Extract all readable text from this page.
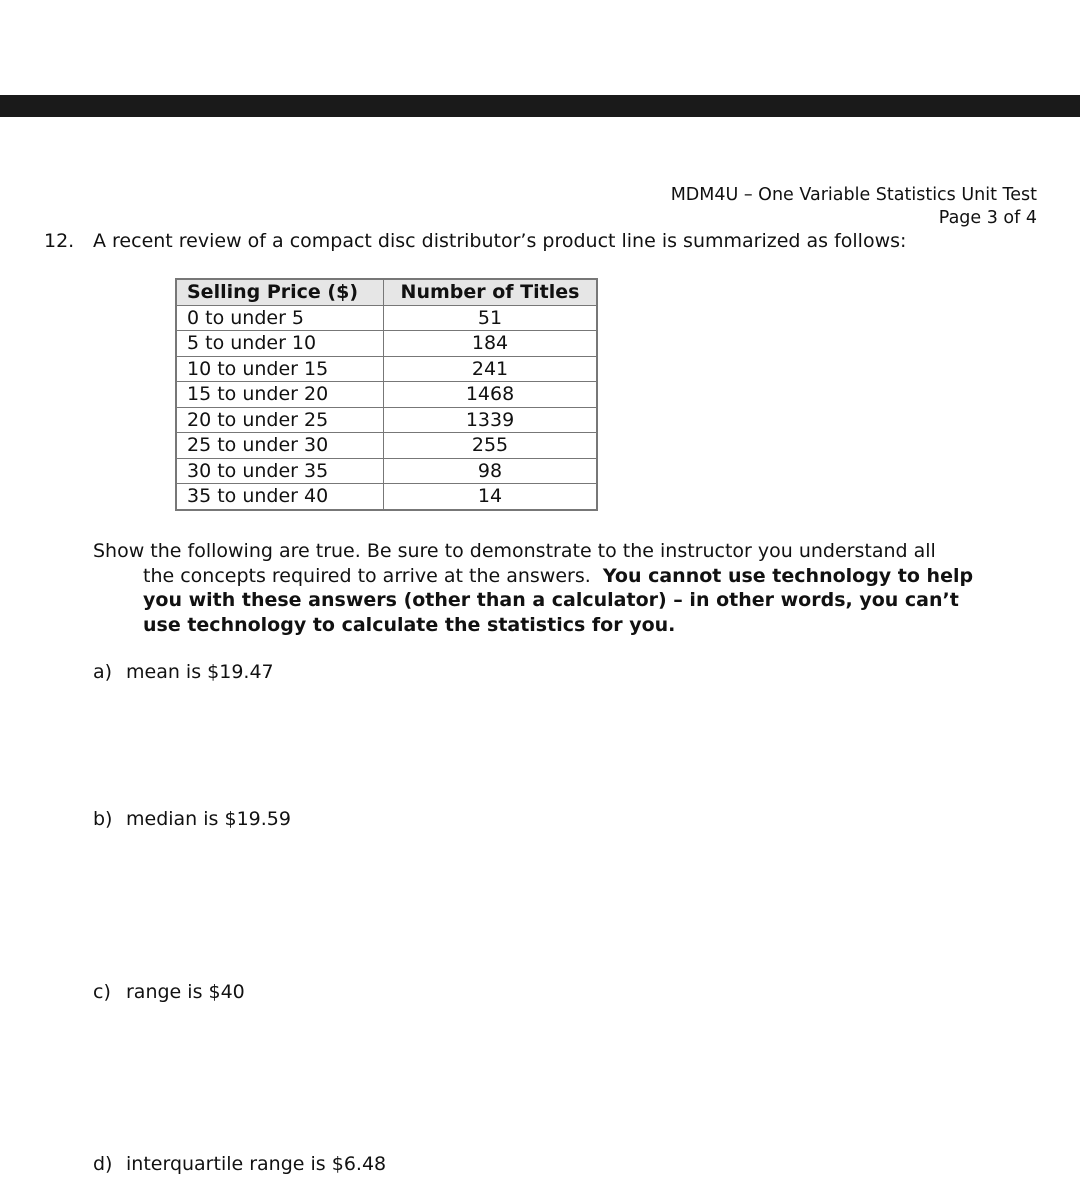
MDM4U – One Variable Statistics Unit Test
Page 3 of 4
12. A recent review of a compact disc distributor’s product line is summarized as follows:
Selling Price ($)	Number of Titles
0 to under 5	51
5 to under 10	184
10 to under 15	241
15 to under 20	1468
20 to under 25	1339
25 to under 30	255
30 to under 35	98
35 to under 40	14
Show the following are true. Be sure to demonstrate to the instructor you understand all
the concepts required to arrive at the answers. You cannot use technology to help
you with these answers (other than a calculator) – in other words, you can’t
use technology to calculate the statistics for you.
a) mean is $19.47
b) median is $19.59
c) range is $40
d) interquartile range is $6.48
